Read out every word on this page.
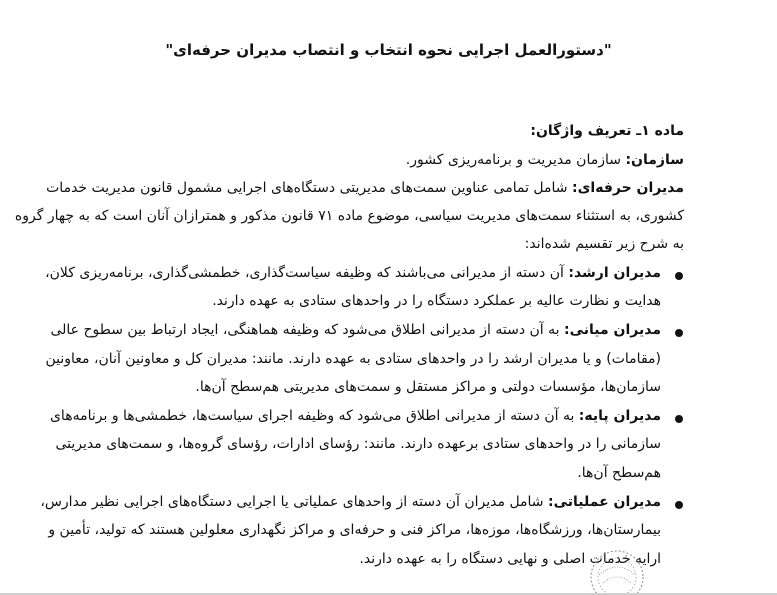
"دستورالعمل اجرایی نحوه انتخاب و انتصاب مدیران حرفه‌ای"
ماده ۱ـ تعریف واژگان:
سازمان: سازمان مدیریت و برنامه‌ریزی کشور.
مدیران حرفه‌ای: شامل تمامی عناوین سمت‌های مدیریتی دستگاه‌های اجرایی مشمول قانون مدیریت خدمات
کشوری، به استثناء سمت‌های مدیریت سیاسی، موضوع ماده ۷۱ قانون مذکور و همترازان آنان است که به چهار گروه
به شرح زیر تقسیم شده‌اند:
مدیران ارشد: آن دسته از مدیرانی می‌باشند که وظیفه سیاست‌گذاری، خطمشی‌گذاری، برنامه‌ریزی کلان،
هدایت و نظارت عالیه بر عملکرد دستگاه را در واحدهای ستادی به عهده دارند.
مدیران میانی: به آن دسته از مدیرانی اطلاق می‌شود که وظیفه هماهنگی، ایجاد ارتباط بین سطوح عالی
(مقامات) و یا مدیران ارشد را در واحدهای ستادی به عهده دارند. مانند: مدیران کل و معاونین آنان، معاونین
سازمان‌ها، مؤسسات دولتی و مراکز مستقل و سمت‌های مدیریتی هم‌سطح آن‌ها.
مدیران پایه: به آن دسته از مدیرانی اطلاق می‌شود که وظیفه اجرای سیاست‌ها، خطمشی‌ها و برنامه‌های
سازمانی را در واحدهای ستادی برعهده دارند. مانند: رؤسای ادارات، رؤسای گروه‌ها، و سمت‌های مدیریتی
هم‌سطح آن‌ها.
مدیران عملیاتی: شامل مدیران آن دسته از واحدهای عملیاتی یا اجرایی دستگاه‌های اجرایی نظیر مدارس،
بیمارستان‌ها، ورزشگاه‌ها، موزه‌ها، مراکز فنی و حرفه‌ای و مراکز نگهداری معلولین هستند که تولید، تأمین و
ارایه خدمات اصلی و نهایی دستگاه را به عهده دارند.
